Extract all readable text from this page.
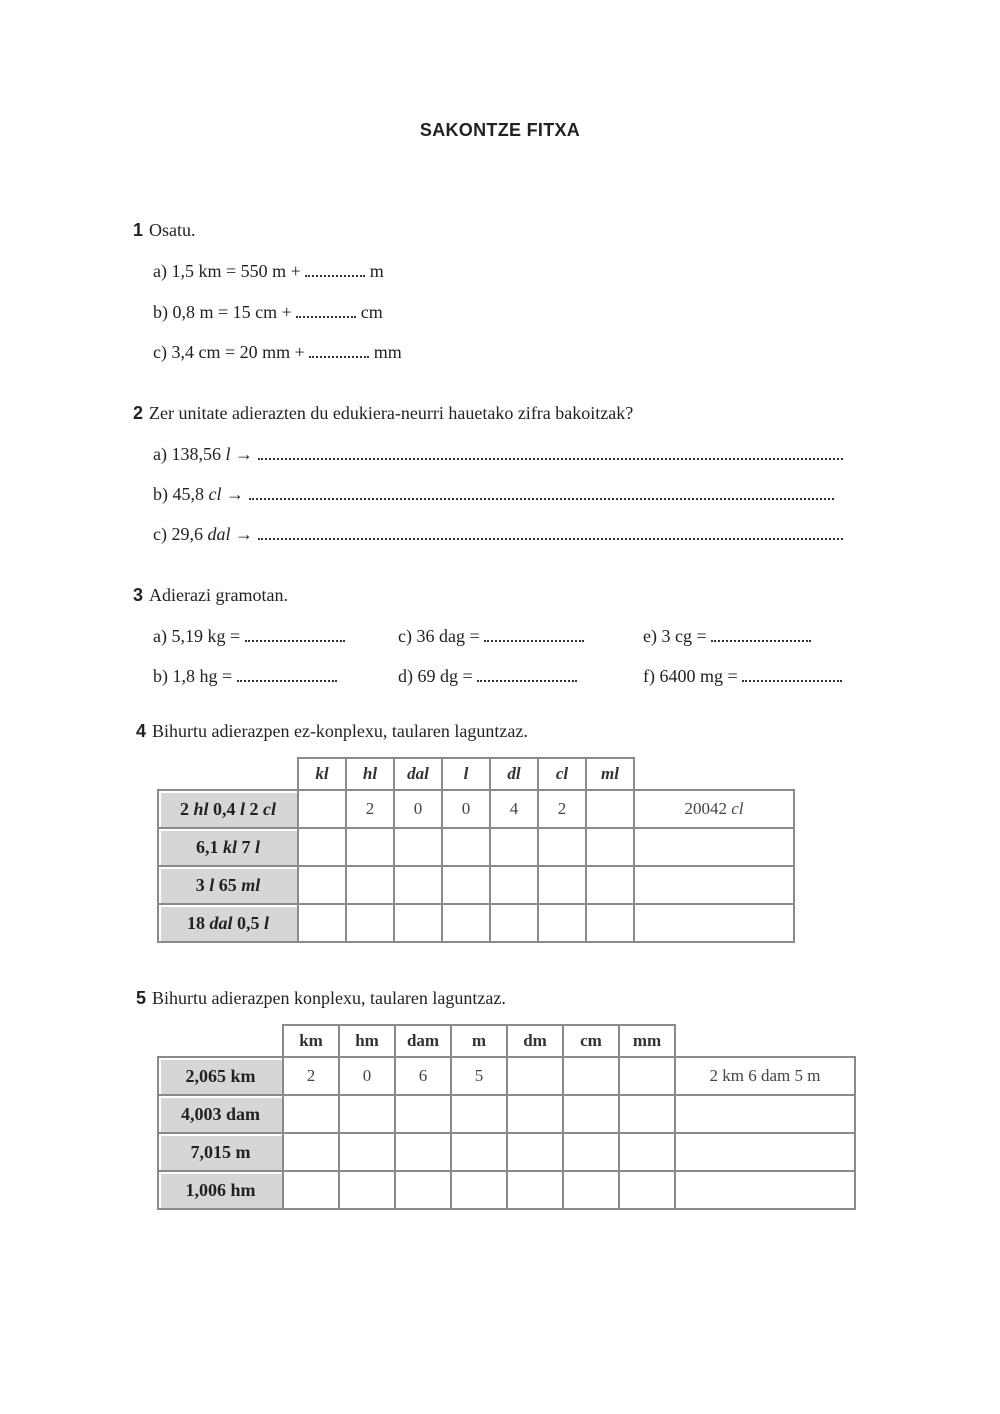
SAKONTZE FITXA
1 Osatu.
a) 1,5 km = 550 m +	m
b) 0,8 m = 15 cm +	cm
c) 3,4 cm = 20 mm +	mm
2 Zer unitate adierazten du edukiera-neurri hauetako zifra bakoitzak?
a) 138,56 l →
b) 45,8 cl →
c) 29,6 dal →
3 Adierazi gramotan.
a) 5,19 kg =	c) 36 dag =	e) 3 cg =
b) 1,8 hg =	d) 69 dg =	f) 6400 mg =
4 Bihurtu adierazpen ez-konplexu, taularen laguntzaz.
	kl	hl	dal	l	dl	cl	ml	
2 hl 0,4 l 2 cl		2	0	0	4	2		20042 cl
6,1 kl 7 l								
3 l 65 ml								
18 dal 0,5 l								
5 Bihurtu adierazpen konplexu, taularen laguntzaz.
	km	hm	dam	m	dm	cm	mm	
2,065 km	2	0	6	5				2 km 6 dam 5 m
4,003 dam								
7,015 m								
1,006 hm								
